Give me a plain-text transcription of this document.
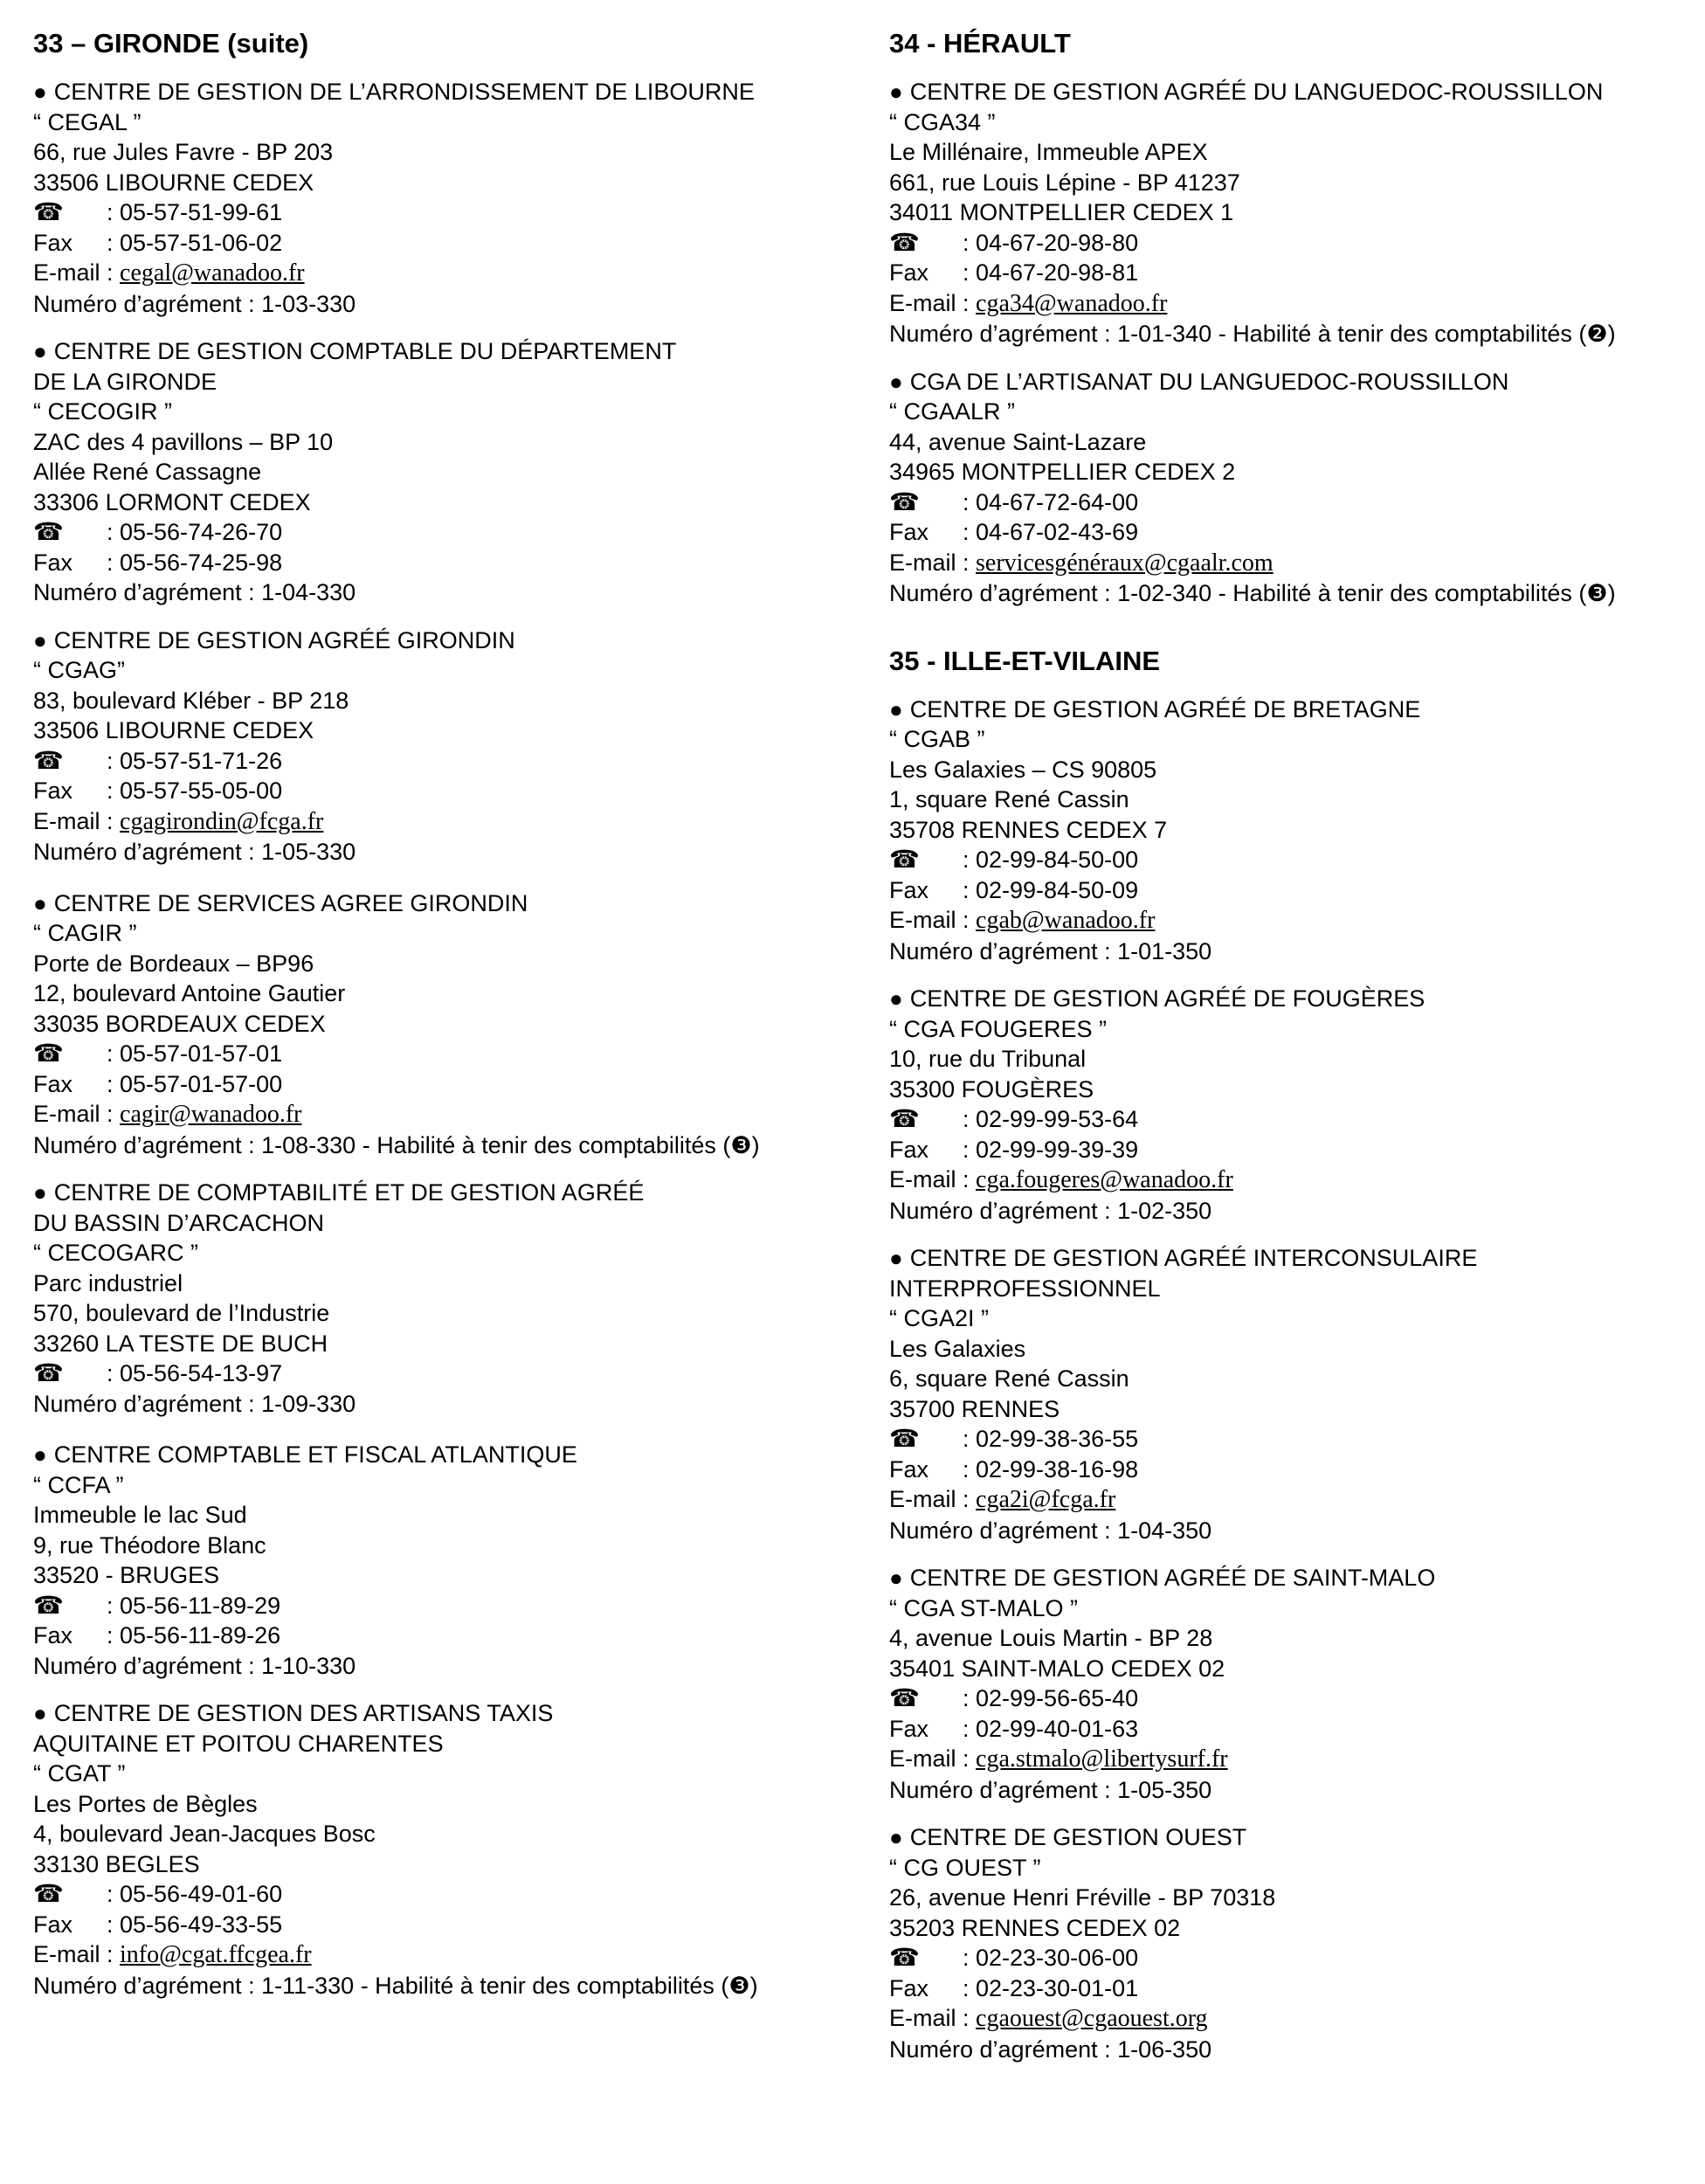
33 – GIRONDE (suite)
● CENTRE DE GESTION DE L’ARRONDISSEMENT DE LIBOURNE
“ CEGAL ”
66, rue Jules Favre - BP 203
33506 LIBOURNE CEDEX
☎ : 05-57-51-99-61
Fax : 05-57-51-06-02
E-mail : cegal@wanadoo.fr
Numéro d’agrément : 1-03-330
● CENTRE DE GESTION COMPTABLE DU DÉPARTEMENT
DE LA GIRONDE
“ CECOGIR ”
ZAC des 4 pavillons – BP 10
Allée René Cassagne
33306 LORMONT CEDEX
☎ : 05-56-74-26-70
Fax : 05-56-74-25-98
Numéro d’agrément : 1-04-330
● CENTRE DE GESTION AGRÉÉ GIRONDIN
“ CGAG”
83, boulevard Kléber - BP 218
33506 LIBOURNE CEDEX
☎ : 05-57-51-71-26
Fax : 05-57-55-05-00
E-mail : cgagirondin@fcga.fr
Numéro d’agrément : 1-05-330
● CENTRE DE SERVICES AGREE GIRONDIN
“ CAGIR ”
Porte de Bordeaux – BP96
12, boulevard Antoine Gautier
33035 BORDEAUX CEDEX
☎ : 05-57-01-57-01
Fax : 05-57-01-57-00
E-mail : cagir@wanadoo.fr
Numéro d’agrément : 1-08-330 - Habilité à tenir des comptabilités (❸)
● CENTRE DE COMPTABILITÉ ET DE GESTION AGRÉÉ
DU BASSIN D’ARCACHON
“ CECOGARC ”
Parc industriel
570, boulevard de l’Industrie
33260 LA TESTE DE BUCH
☎ : 05-56-54-13-97
Numéro d’agrément : 1-09-330
● CENTRE COMPTABLE ET FISCAL ATLANTIQUE
“ CCFA ”
Immeuble le lac Sud
9, rue Théodore Blanc
33520 - BRUGES
☎ : 05-56-11-89-29
Fax : 05-56-11-89-26
Numéro d’agrément : 1-10-330
● CENTRE DE GESTION DES ARTISANS TAXIS
AQUITAINE ET POITOU CHARENTES
“ CGAT ”
Les Portes de Bègles
4, boulevard Jean-Jacques Bosc
33130 BEGLES
☎ : 05-56-49-01-60
Fax : 05-56-49-33-55
E-mail : info@cgat.ffcgea.fr
Numéro d’agrément : 1-11-330 - Habilité à tenir des comptabilités (❸)
34 - HÉRAULT
● CENTRE DE GESTION AGRÉÉ DU LANGUEDOC-ROUSSILLON
“ CGA34 ”
Le Millénaire, Immeuble APEX
661, rue Louis Lépine - BP 41237
34011 MONTPELLIER CEDEX 1
☎ : 04-67-20-98-80
Fax : 04-67-20-98-81
E-mail : cga34@wanadoo.fr
Numéro d’agrément : 1-01-340 - Habilité à tenir des comptabilités (❷)
● CGA DE L’ARTISANAT DU LANGUEDOC-ROUSSILLON
“ CGAALR ”
44, avenue Saint-Lazare
34965 MONTPELLIER CEDEX 2
☎ : 04-67-72-64-00
Fax : 04-67-02-43-69
E-mail : servicesgénéraux@cgaalr.com
Numéro d’agrément : 1-02-340 - Habilité à tenir des comptabilités (❸)
35 - ILLE-ET-VILAINE
● CENTRE DE GESTION AGRÉÉ DE BRETAGNE
“ CGAB ”
Les Galaxies – CS 90805
1, square René Cassin
35708 RENNES CEDEX 7
☎ : 02-99-84-50-00
Fax : 02-99-84-50-09
E-mail : cgab@wanadoo.fr
Numéro d’agrément : 1-01-350
● CENTRE DE GESTION AGRÉÉ DE FOUGÈRES
“ CGA FOUGERES ”
10, rue du Tribunal
35300 FOUGÈRES
☎ : 02-99-99-53-64
Fax : 02-99-99-39-39
E-mail : cga.fougeres@wanadoo.fr
Numéro d’agrément : 1-02-350
● CENTRE DE GESTION AGRÉÉ INTERCONSULAIRE
INTERPROFESSIONNEL
“ CGA2I ”
Les Galaxies
6, square René Cassin
35700 RENNES
☎ : 02-99-38-36-55
Fax : 02-99-38-16-98
E-mail : cga2i@fcga.fr
Numéro d’agrément : 1-04-350
● CENTRE DE GESTION AGRÉÉ DE SAINT-MALO
“ CGA ST-MALO ”
4, avenue Louis Martin - BP 28
35401 SAINT-MALO CEDEX 02
☎ : 02-99-56-65-40
Fax : 02-99-40-01-63
E-mail : cga.stmalo@libertysurf.fr
Numéro d’agrément : 1-05-350
● CENTRE DE GESTION OUEST
“ CG OUEST ”
26, avenue Henri Fréville - BP 70318
35203 RENNES CEDEX 02
☎ : 02-23-30-06-00
Fax : 02-23-30-01-01
E-mail : cgaouest@cgaouest.org
Numéro d’agrément : 1-06-350
